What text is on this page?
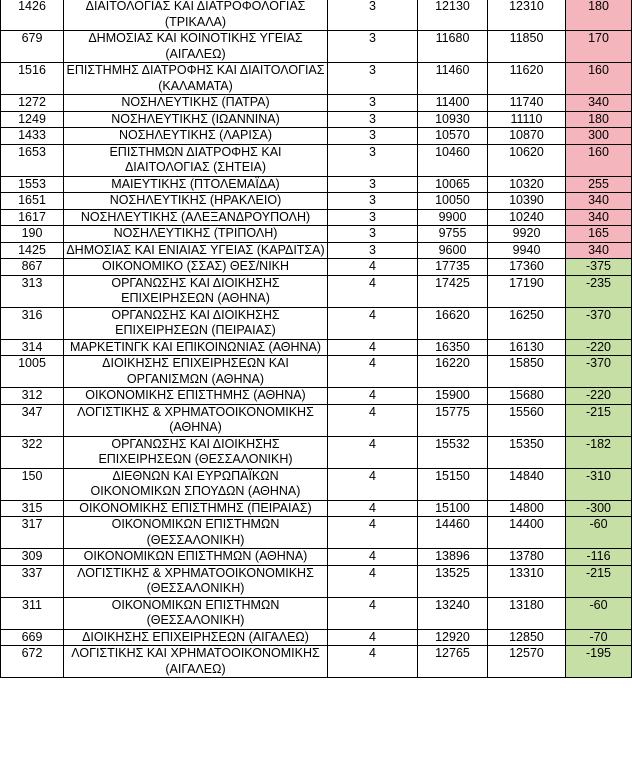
1426	ΔΙΑΙΤΟΛΟΓΙΑΣ ΚΑΙ ΔΙΑΤΡΟΦΟΛΟΓΙΑΣ (ΤΡΙΚΑΛΑ)	3	12130	12310	180
679	ΔΗΜΟΣΙΑΣ ΚΑΙ ΚΟΙΝΟΤΙΚΗΣ ΥΓΕΙΑΣ (ΑΙΓΑΛΕΩ)	3	11680	11850	170
1516	ΕΠΙΣΤΗΜΗΣ ΔΙΑΤΡΟΦΗΣ ΚΑΙ ΔΙΑΙΤΟΛΟΓΙΑΣ (ΚΑΛΑΜΑΤΑ)	3	11460	11620	160
1272	ΝΟΣΗΛΕΥΤΙΚΗΣ (ΠΑΤΡΑ)	3	11400	11740	340
1249	ΝΟΣΗΛΕΥΤΙΚΗΣ (ΙΩΑΝΝΙΝΑ)	3	10930	11110	180
1433	ΝΟΣΗΛΕΥΤΙΚΗΣ (ΛΑΡΙΣΑ)	3	10570	10870	300
1653	ΕΠΙΣΤΗΜΩΝ ΔΙΑΤΡΟΦΗΣ ΚΑΙ ΔΙΑΙΤΟΛΟΓΙΑΣ (ΣΗΤΕΙΑ)	3	10460	10620	160
1553	ΜΑΙΕΥΤΙΚΗΣ (ΠΤΟΛΕΜΑΪΔΑ)	3	10065	10320	255
1651	ΝΟΣΗΛΕΥΤΙΚΗΣ (ΗΡΑΚΛΕΙΟ)	3	10050	10390	340
1617	ΝΟΣΗΛΕΥΤΙΚΗΣ (ΑΛΕΞΑΝΔΡΟΥΠΟΛΗ)	3	9900	10240	340
190	ΝΟΣΗΛΕΥΤΙΚΗΣ (ΤΡΙΠΟΛΗ)	3	9755	9920	165
1425	ΔΗΜΟΣΙΑΣ ΚΑΙ ΕΝΙΑΙΑΣ ΥΓΕΙΑΣ (ΚΑΡΔΙΤΣΑ)	3	9600	9940	340
867	ΟΙΚΟΝΟΜΙΚΟ (ΣΣΑΣ) ΘΕΣ/ΝΙΚΗ	4	17735	17360	-375
313	ΟΡΓΑΝΩΣΗΣ ΚΑΙ ΔΙΟΙΚΗΣΗΣ ΕΠΙΧΕΙΡΗΣΕΩΝ (ΑΘΗΝΑ)	4	17425	17190	-235
316	ΟΡΓΑΝΩΣΗΣ ΚΑΙ ΔΙΟΙΚΗΣΗΣ ΕΠΙΧΕΙΡΗΣΕΩΝ (ΠΕΙΡΑΙΑΣ)	4	16620	16250	-370
314	ΜΑΡΚΕΤΙΝΓΚ ΚΑΙ ΕΠΙΚΟΙΝΩΝΙΑΣ (ΑΘΗΝΑ)	4	16350	16130	-220
1005	ΔΙΟΙΚΗΣΗΣ ΕΠΙΧΕΙΡΗΣΕΩΝ ΚΑΙ ΟΡΓΑΝΙΣΜΩΝ (ΑΘΗΝΑ)	4	16220	15850	-370
312	ΟΙΚΟΝΟΜΙΚΗΣ ΕΠΙΣΤΗΜΗΣ (ΑΘΗΝΑ)	4	15900	15680	-220
347	ΛΟΓΙΣΤΙΚΗΣ & ΧΡΗΜΑΤΟΟΙΚΟΝΟΜΙΚΗΣ (ΑΘΗΝΑ)	4	15775	15560	-215
322	ΟΡΓΑΝΩΣΗΣ ΚΑΙ ΔΙΟΙΚΗΣΗΣ ΕΠΙΧΕΙΡΗΣΕΩΝ (ΘΕΣΣΑΛΟΝΙΚΗ)	4	15532	15350	-182
150	ΔΙΕΘΝΩΝ ΚΑΙ ΕΥΡΩΠΑΪΚΩΝ ΟΙΚΟΝΟΜΙΚΩΝ ΣΠΟΥΔΩΝ (ΑΘΗΝΑ)	4	15150	14840	-310
315	ΟΙΚΟΝΟΜΙΚΗΣ ΕΠΙΣΤΗΜΗΣ (ΠΕΙΡΑΙΑΣ)	4	15100	14800	-300
317	ΟΙΚΟΝΟΜΙΚΩΝ ΕΠΙΣΤΗΜΩΝ (ΘΕΣΣΑΛΟΝΙΚΗ)	4	14460	14400	-60
309	ΟΙΚΟΝΟΜΙΚΩΝ ΕΠΙΣΤΗΜΩΝ (ΑΘΗΝΑ)	4	13896	13780	-116
337	ΛΟΓΙΣΤΙΚΗΣ & ΧΡΗΜΑΤΟΟΙΚΟΝΟΜΙΚΗΣ (ΘΕΣΣΑΛΟΝΙΚΗ)	4	13525	13310	-215
311	ΟΙΚΟΝΟΜΙΚΩΝ ΕΠΙΣΤΗΜΩΝ (ΘΕΣΣΑΛΟΝΙΚΗ)	4	13240	13180	-60
669	ΔΙΟΙΚΗΣΗΣ ΕΠΙΧΕΙΡΗΣΕΩΝ (ΑΙΓΑΛΕΩ)	4	12920	12850	-70
672	ΛΟΓΙΣΤΙΚΗΣ ΚΑΙ ΧΡΗΜΑΤΟΟΙΚΟΝΟΜΙΚΗΣ (ΑΙΓΑΛΕΩ)	4	12765	12570	-195
